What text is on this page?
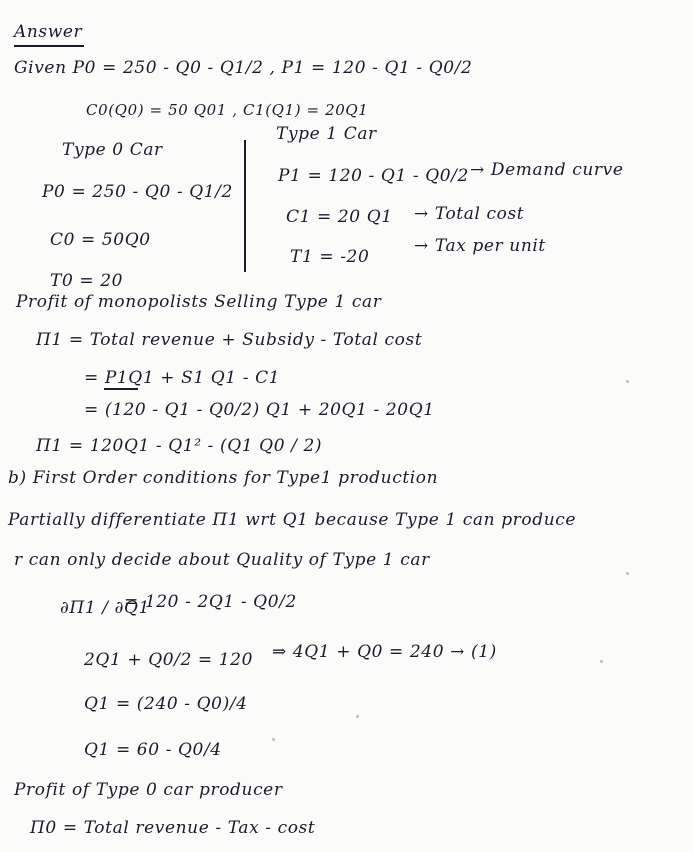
Answer
Given P0 = 250 - Q0 - Q1/2 , P1 = 120 - Q1 - Q0/2
C0(Q0) = 50 Q01 , C1(Q1) = 20Q1
Type 0 Car
Type 1 Car
P0 = 250 - Q0 - Q1/2
P1 = 120 - Q1 - Q0/2 → Demand curve
C1 = 20 Q1 → Total cost
C0 = 50Q0
T1 = -20
→ Tax per unit
T0 = 20
Profit of monopolists Selling Type 1 car
Π1 = Total revenue + Subsidy - Total cost
= P1Q1 + S1 Q1 - C1
= (120 - Q1 - Q0/2) Q1 + 20Q1 - 20Q1
Π1 = 120Q1 - Q1² - (Q1 Q0 / 2)
b) First Order conditions for Type1 production
Partially differentiate Π1 wrt Q1 because Type 1 can produce
r can only decide about Quality of Type 1 car
∂Π1 / ∂Q1
= 120 - 2Q1 - Q0/2
2Q1 + Q0/2 = 120 ⇒ 4Q1 + Q0 = 240 → (1)
Q1 = (240 - Q0)/4
Q1 = 60 - Q0/4
Profit of Type 0 car producer
Π0 = Total revenue - Tax - cost
